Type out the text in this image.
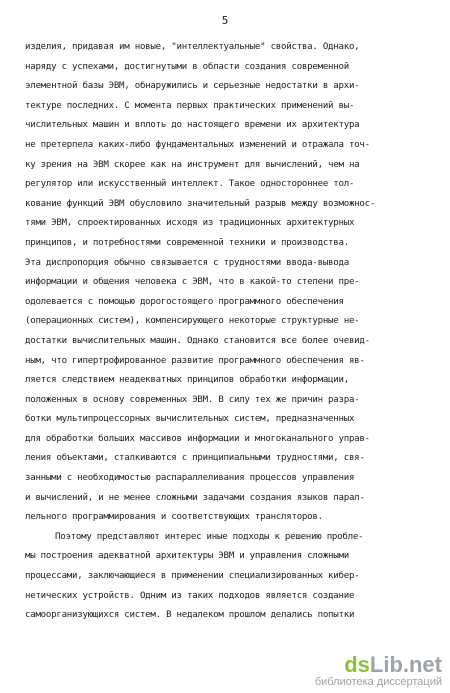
5
изделия, придавая им новые, "интеллектуальные" свойства. Однако,
наряду с успехами, достигнутыми в области создания современной
элементной базы ЭВМ, обнаружились и серьезные недостатки в архи-
тектуре последних. С момента первых практических применений вы-
числительных машин и вплоть до настоящего времени их архитектура
не претерпела каких-либо фундаментальных изменений и отражала точ-
ку зрения на ЭВМ скорее как на инструмент для вычислений, чем на
регулятор или искусственный интеллект. Такое одностороннее тол-
кование функций ЭВМ обусловило значительный разрыв между возможнос-
тями ЭВМ, спроектированных исходя из традиционных архитектурных
принципов, и потребностями современной техники и производства.
Эта диспропорция обычно связывается с трудностями ввода-вывода
информации и общения человека с ЭВМ, что в какой-то степени пре-
одолевается с помощью дорогостоящего программного обеспечения
(операционных систем), компенсирующего некоторые структурные не-
достатки вычислительных машин. Однако становится все более очевид-
ным, что гипертрофированное развитие программного обеспечения яв-
ляется следствием неадекватных принципов обработки информации,
положенных в основу современных ЭВМ. В силу тех же причин разра-
ботки мультипроцессорных вычислительных систем, предназначенных
для обработки больших массивов информации и многоканального управ-
ления объектами, сталкиваются с принципиальными трудностями, свя-
занными с необходимостью распараллеливания процессов управления
и вычислений, и не менее сложными задачами создания языков парал-
лельного программирования и соответствующих трансляторов.
Поэтому представляют интерес иные подходы к решению пробле-
мы построения адекватной архитектуры ЭВМ и управления сложными
процессами, заключающиеся в применении специализированных кибер-
нетических устройств. Одним из таких подходов является создание
самоорганизующихся систем. В недалеком прошлом делались попытки
dsLib.net
библиотека диссертаций
